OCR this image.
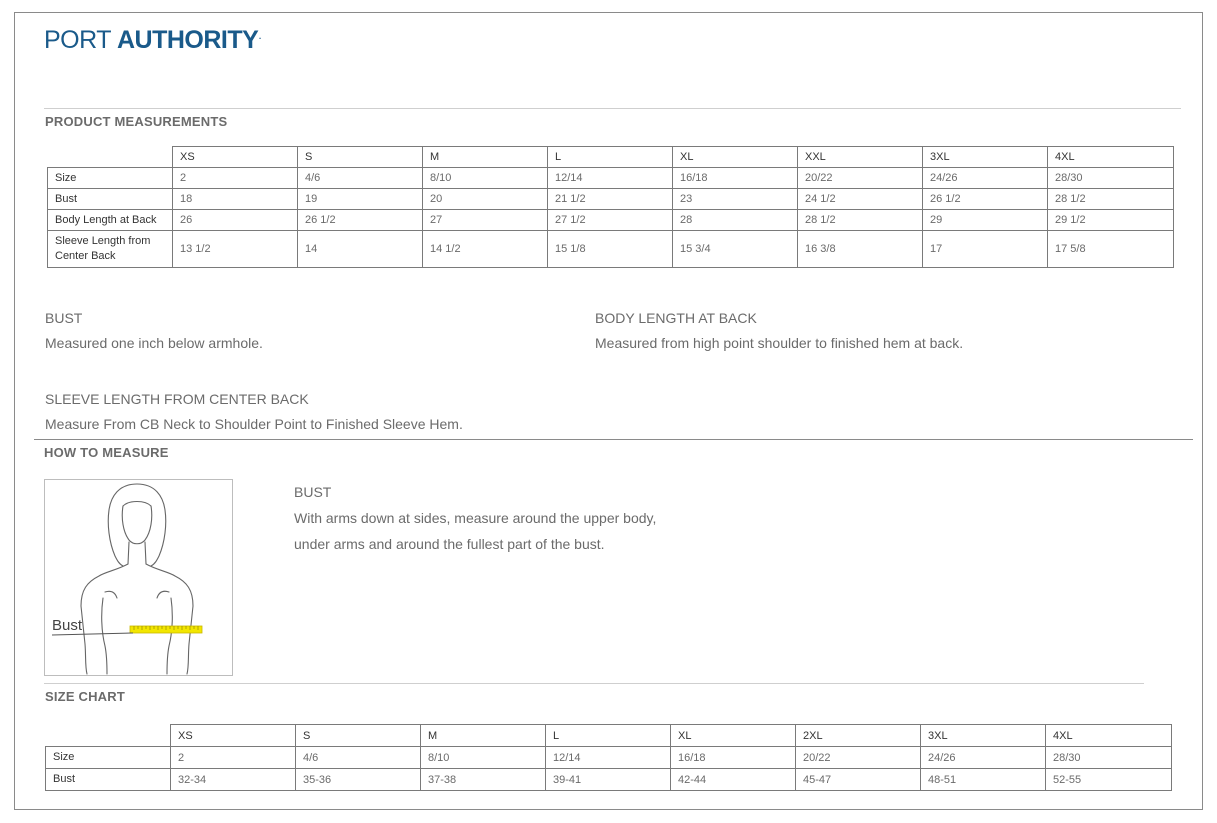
PORT AUTHORITY.
PRODUCT MEASUREMENTS
	XS	S	M	L	XL	XXL	3XL	4XL
Size	2	4/6	8/10	12/14	16/18	20/22	24/26	28/30
Bust	18	19	20	21 1/2	23	24 1/2	26 1/2	28 1/2
Body Length at Back	26	26 1/2	27	27 1/2	28	28 1/2	29	29 1/2
Sleeve Length from Center Back	13 1/2	14	14 1/2	15 1/8	15 3/4	16 3/8	17	17 5/8
BUST
Measured one inch below armhole.
BODY LENGTH AT BACK
Measured from high point shoulder to finished hem at back.
SLEEVE LENGTH FROM CENTER BACK
Measure From CB Neck to Shoulder Point to Finished Sleeve Hem.
HOW TO MEASURE
Bust
BUST
With arms down at sides, measure around the upper body,
under arms and around the fullest part of the bust.
SIZE CHART
	XS	S	M	L	XL	2XL	3XL	4XL
Size	2	4/6	8/10	12/14	16/18	20/22	24/26	28/30
Bust	32-34	35-36	37-38	39-41	42-44	45-47	48-51	52-55
